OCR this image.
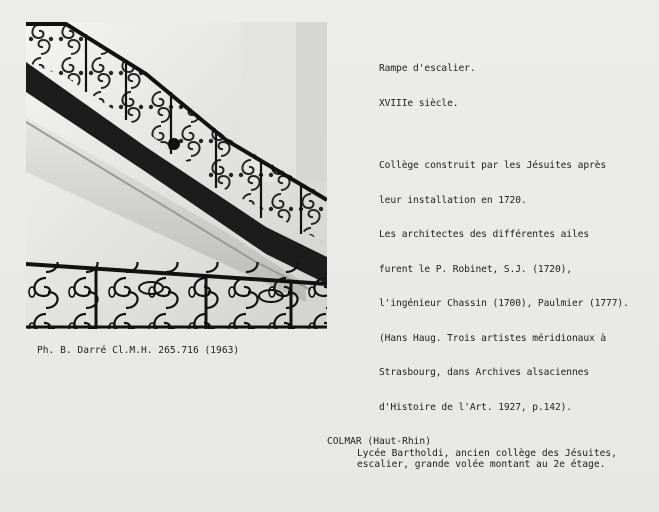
Rampe d'escalier.

XVIIIe siècle.

Collège construit par les Jésuites après

leur installation en 1720.

Les architectes des différentes ailes

furent le P. Robinet, S.J. (1720),

l'ingénieur Chassin (1700), Paulmier (1777).

(Hans Haug. Trois artistes méridionaux à

Strasbourg, dans Archives alsaciennes

d'Histoire de l'Art. 1927, p.142).

Ph. B. Darré Cl.M.H. 265.716 (1963)
COLMAR (Haut-Rhin)
Lycée Bartholdi, ancien collège des Jésuites,
escalier, grande volée montant au 2e étage.
